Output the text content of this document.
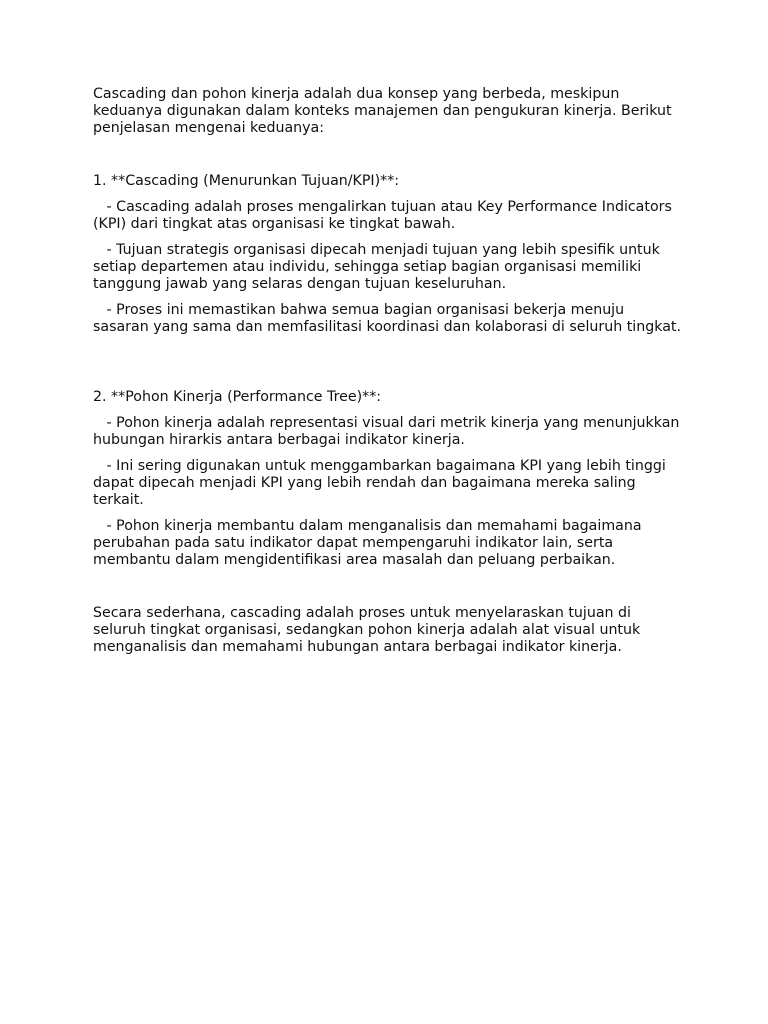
Cascading dan pohon kinerja adalah dua konsep yang berbeda, meskipun keduanya digunakan dalam konteks manajemen dan pengukuran kinerja. Berikut penjelasan mengenai keduanya:

1. **Cascading (Menurunkan Tujuan/KPI)**:

- Cascading adalah proses mengalirkan tujuan atau Key Performance Indicators (KPI) dari tingkat atas organisasi ke tingkat bawah.

- Tujuan strategis organisasi dipecah menjadi tujuan yang lebih spesifik untuk setiap departemen atau individu, sehingga setiap bagian organisasi memiliki tanggung jawab yang selaras dengan tujuan keseluruhan.

- Proses ini memastikan bahwa semua bagian organisasi bekerja menuju sasaran yang sama dan memfasilitasi koordinasi dan kolaborasi di seluruh tingkat.

2. **Pohon Kinerja (Performance Tree)**:

- Pohon kinerja adalah representasi visual dari metrik kinerja yang menunjukkan hubungan hirarkis antara berbagai indikator kinerja.

- Ini sering digunakan untuk menggambarkan bagaimana KPI yang lebih tinggi dapat dipecah menjadi KPI yang lebih rendah dan bagaimana mereka saling terkait.

- Pohon kinerja membantu dalam menganalisis dan memahami bagaimana perubahan pada satu indikator dapat mempengaruhi indikator lain, serta membantu dalam mengidentifikasi area masalah dan peluang perbaikan.

Secara sederhana, cascading adalah proses untuk menyelaraskan tujuan di seluruh tingkat organisasi, sedangkan pohon kinerja adalah alat visual untuk menganalisis dan memahami hubungan antara berbagai indikator kinerja.
